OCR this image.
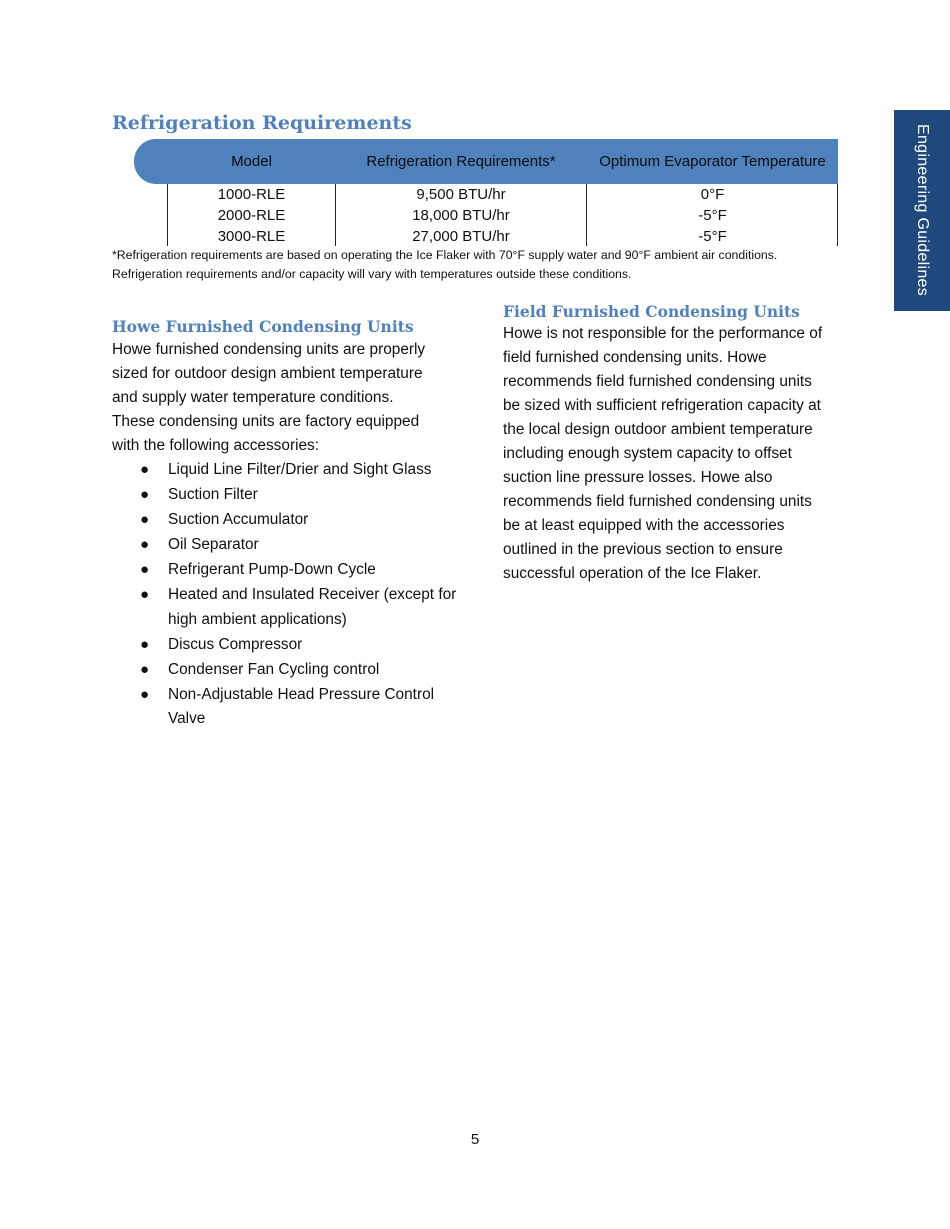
Engineering Guidelines
Refrigeration Requirements
Model	Refrigeration Requirements*	Optimum Evaporator Temperature
1000-RLE	9,500 BTU/hr	0°F
2000-RLE	18,000 BTU/hr	-5°F
3000-RLE	27,000 BTU/hr	-5°F
*Refrigeration requirements are based on operating the Ice Flaker with 70°F supply water and 90°F ambient air conditions.
Refrigeration requirements and/or capacity will vary with temperatures outside these conditions.
Howe Furnished Condensing Units
Howe furnished condensing units are properly
sized for outdoor design ambient temperature
and supply water temperature conditions.
These condensing units are factory equipped
with the following accessories:
● Liquid Line Filter/Drier and Sight Glass
● Suction Filter
● Suction Accumulator
● Oil Separator
● Refrigerant Pump-Down Cycle
● Heated and Insulated Receiver (except for high ambient applications)
● Discus Compressor
● Condenser Fan Cycling control
● Non-Adjustable Head Pressure Control Valve
Field Furnished Condensing Units
Howe is not responsible for the performance of
field furnished condensing units. Howe
recommends field furnished condensing units
be sized with sufficient refrigeration capacity at
the local design outdoor ambient temperature
including enough system capacity to offset
suction line pressure losses. Howe also
recommends field furnished condensing units
be at least equipped with the accessories
outlined in the previous section to ensure
successful operation of the Ice Flaker.
5
